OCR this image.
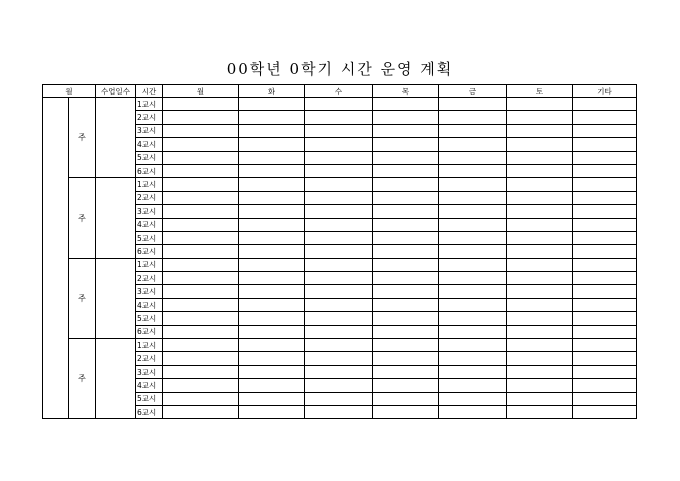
00학년 0학기 시간 운영 계획
월		수업일수	시간	월	화	수	목	금	토	기타
	주		1교시							
			2교시							
			3교시							
			4교시							
			5교시							
			6교시							
	주		1교시							
			2교시							
			3교시							
			4교시							
			5교시							
			6교시							
	주		1교시							
			2교시							
			3교시							
			4교시							
			5교시							
			6교시							
	주		1교시							
			2교시							
			3교시							
			4교시							
			5교시							
			6교시							
